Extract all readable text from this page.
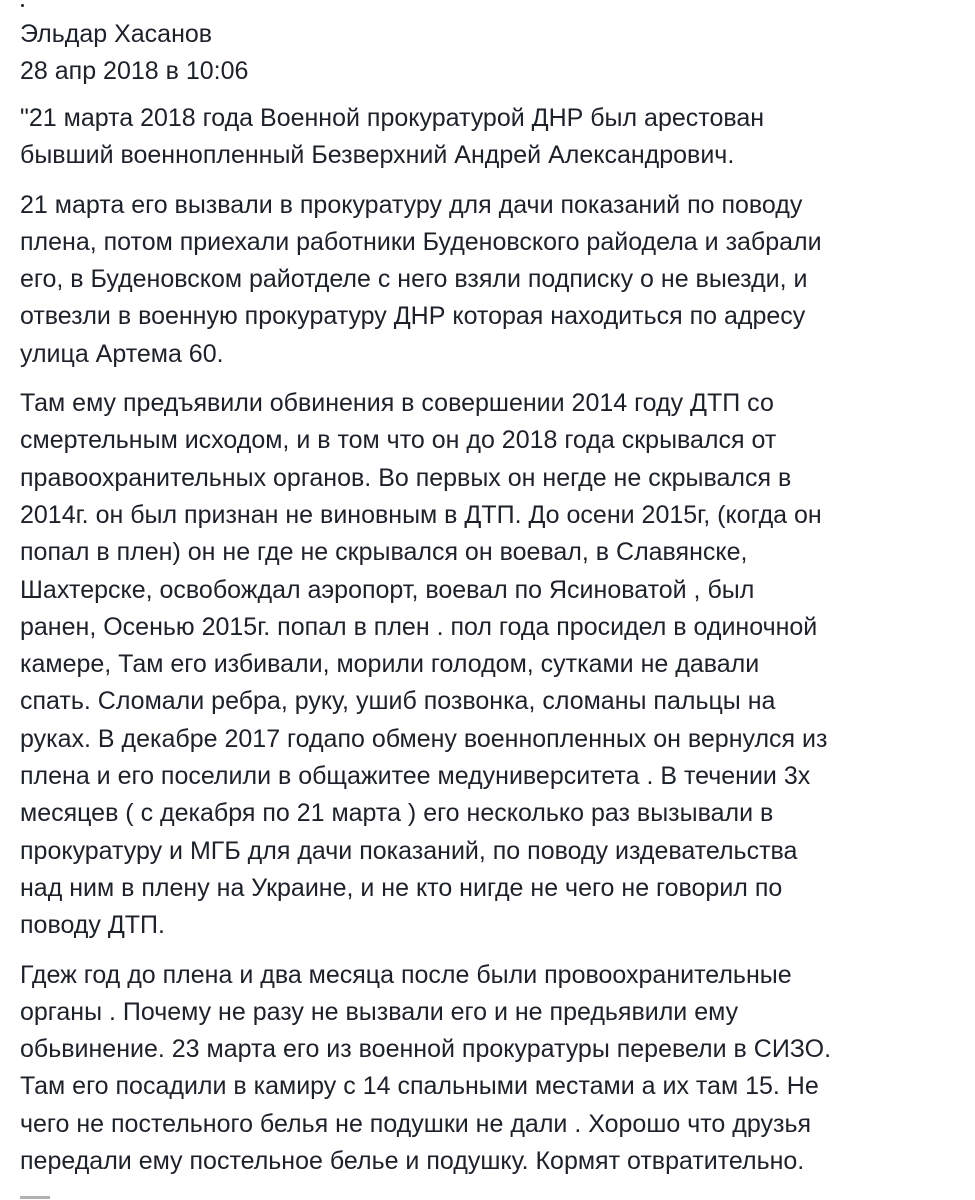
Эльдар Хасанов
28 апр 2018 в 10:06

"21 марта 2018 года Военной прокуратурой ДНР был арестован
бывший военнопленный Безверхний Андрей Александрович.

21 марта его вызвали в прокуратуру для дачи показаний по поводу
плена, потом приехали работники Буденовского райодела и забрали
его, в Буденовском райотделе с него взяли подписку о не выезди, и
отвезли в военную прокуратуру ДНР которая находиться по адресу
улица Артема 60.

Там ему предъявили обвинения в совершении 2014 году ДТП со
смертельным исходом, и в том что он до 2018 года скрывался от
правоохранительных органов. Во первых он негде не скрывался в
2014г. он был признан не виновным в ДТП. До осени 2015г, (когда он
попал в плен) он не где не скрывался он воевал, в Славянске,
Шахтерске, освобождал аэропорт, воевал по Ясиноватой , был
ранен, Осенью 2015г. попал в плен . пол года просидел в одиночной
камере, Там его избивали, морили голодом, сутками не давали
спать. Сломали ребра, руку, ушиб позвонка, сломаны пальцы на
руках. В декабре 2017 годапо обмену военнопленных он вернулся из
плена и его поселили в общажитее медуниверситета . В течении 3х
месяцев ( с декабря по 21 марта ) его несколько раз вызывали в
прокуратуру и МГБ для дачи показаний, по поводу издевательства
над ним в плену на Украине, и не кто нигде не чего не говорил по
поводу ДТП.

Гдеж год до плена и два месяца после были провоохранительные
органы . Почему не разу не вызвали его и не предьявили ему
обьвинение. 23 марта его из военной прокуратуры перевели в СИЗО.
Там его посадили в камиру с 14 спальными местами а их там 15. Не
чего не постельного белья не подушки не дали . Хорошо что друзья
передали ему постельное белье и подушку. Кормят отвратительно.
